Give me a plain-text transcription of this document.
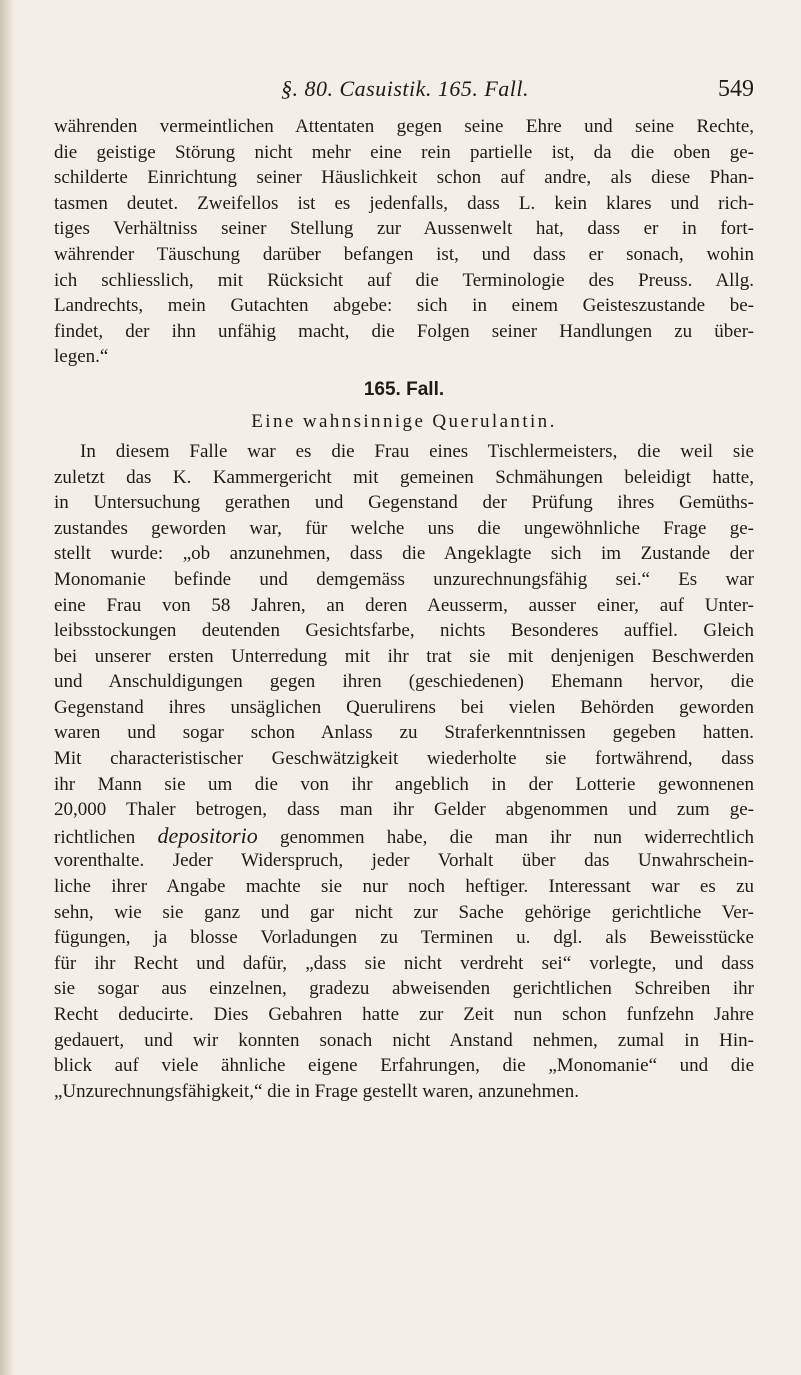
§. 80. Casuistik. 165. Fall.	549
währenden vermeintlichen Attentaten gegen seine Ehre und seine Rechte,
die geistige Störung nicht mehr eine rein partielle ist, da die oben ge-
schilderte Einrichtung seiner Häuslichkeit schon auf andre, als diese Phan-
tasmen deutet. Zweifellos ist es jedenfalls, dass L. kein klares und rich-
tiges Verhältniss seiner Stellung zur Aussenwelt hat, dass er in fort-
währender Täuschung darüber befangen ist, und dass er sonach, wohin
ich schliesslich, mit Rücksicht auf die Terminologie des Preuss. Allg.
Landrechts, mein Gutachten abgebe: sich in einem Geisteszustande be-
findet, der ihn unfähig macht, die Folgen seiner Handlungen zu über-
legen.“
165. Fall.
Eine wahnsinnige Querulantin.
In diesem Falle war es die Frau eines Tischlermeisters, die weil sie
zuletzt das K. Kammergericht mit gemeinen Schmähungen beleidigt hatte,
in Untersuchung gerathen und Gegenstand der Prüfung ihres Gemüths-
zustandes geworden war, für welche uns die ungewöhnliche Frage ge-
stellt wurde: „ob anzunehmen, dass die Angeklagte sich im Zustande der
Monomanie befinde und demgemäss unzurechnungsfähig sei.“ Es war
eine Frau von 58 Jahren, an deren Aeusserm, ausser einer, auf Unter-
leibsstockungen deutenden Gesichtsfarbe, nichts Besonderes auffiel. Gleich
bei unserer ersten Unterredung mit ihr trat sie mit denjenigen Beschwerden
und Anschuldigungen gegen ihren (geschiedenen) Ehemann hervor, die
Gegenstand ihres unsäglichen Querulirens bei vielen Behörden geworden
waren und sogar schon Anlass zu Straferkenntnissen gegeben hatten.
Mit characteristischer Geschwätzigkeit wiederholte sie fortwährend, dass
ihr Mann sie um die von ihr angeblich in der Lotterie gewonnenen
20,000 Thaler betrogen, dass man ihr Gelder abgenommen und zum ge-
richtlichen depositorio genommen habe, die man ihr nun widerrechtlich
vorenthalte. Jeder Widerspruch, jeder Vorhalt über das Unwahrschein-
liche ihrer Angabe machte sie nur noch heftiger. Interessant war es zu
sehn, wie sie ganz und gar nicht zur Sache gehörige gerichtliche Ver-
fügungen, ja blosse Vorladungen zu Terminen u. dgl. als Beweisstücke
für ihr Recht und dafür, „dass sie nicht verdreht sei“ vorlegte, und dass
sie sogar aus einzelnen, gradezu abweisenden gerichtlichen Schreiben ihr
Recht deducirte. Dies Gebahren hatte zur Zeit nun schon funfzehn Jahre
gedauert, und wir konnten sonach nicht Anstand nehmen, zumal in Hin-
blick auf viele ähnliche eigene Erfahrungen, die „Monomanie“ und die
„Unzurechnungsfähigkeit,“ die in Frage gestellt waren, anzunehmen.
